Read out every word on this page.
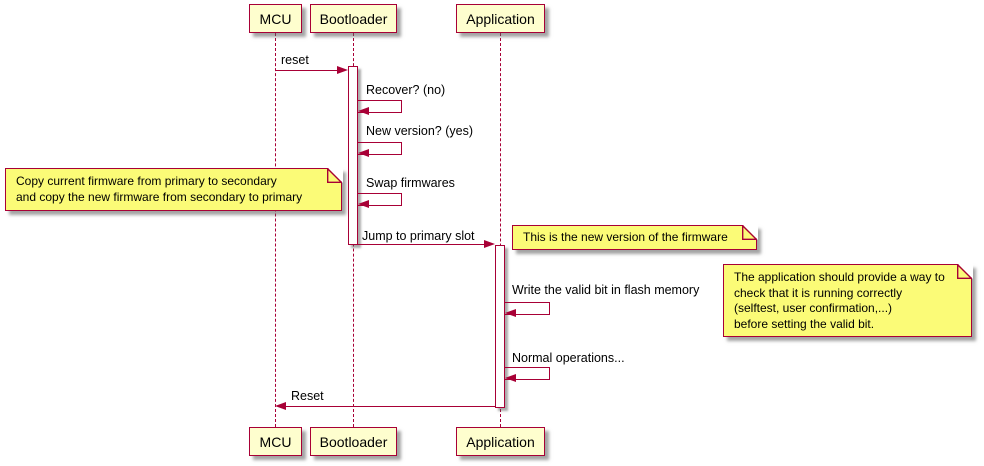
MCU Bootloader	Application
reset
Recover? (no)
New version? (yes)
Swap firmwares
Jump to primary slot
Write the valid bit in flash memory
Normal operations...
Reset
Copy current firmware from primary to secondary
and copy the new firmware from secondary to primary
This is the new version of the firmware
The application should provide a way to
check that it is running correctly
(selftest, user confirmation,...)
before setting the valid bit.
MCU Bootloader	Application
